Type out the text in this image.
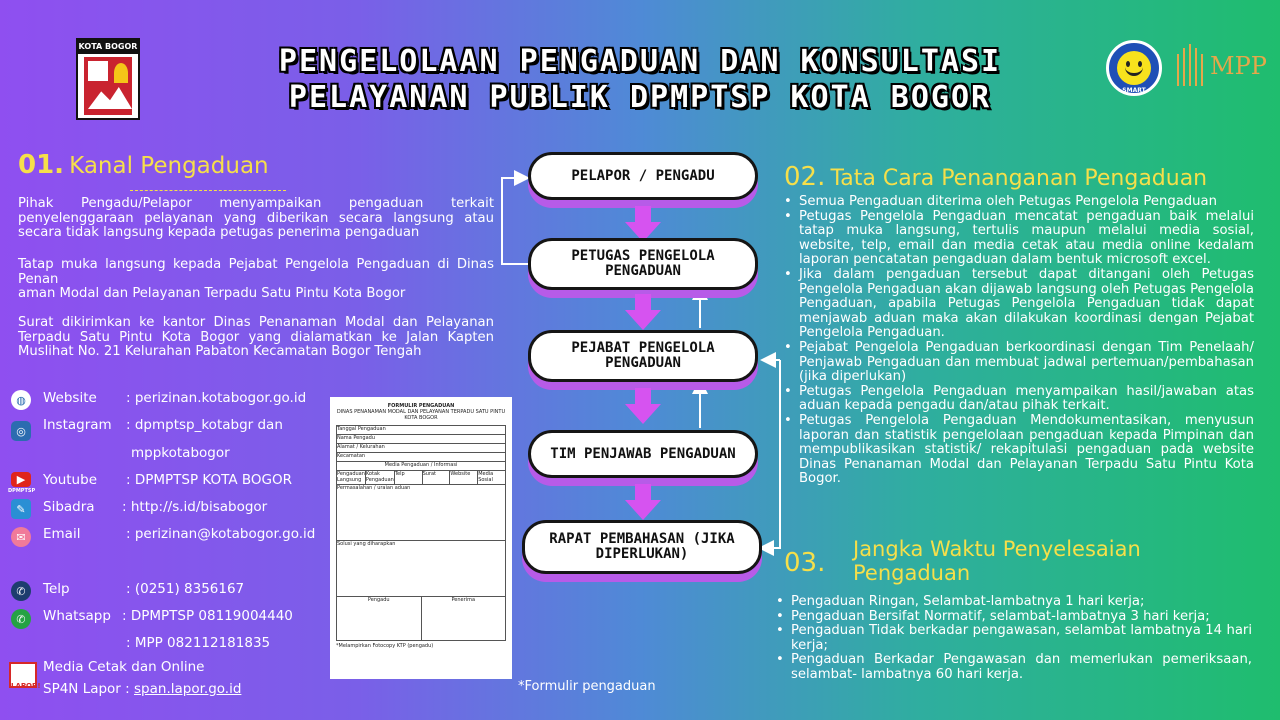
KOTA BOGOR	PENGELOLAAN PENGADUAN DAN KONSULTASI
PELAYANAN PUBLIK DPMPTSP KOTA BOGOR	SMART
MPP
01. Kanal Pengaduan
Pihak Pengadu/Pelapor menyampaikan pengaduan terkait penyelenggaraan pelayanan yang diberikan secara langsung atau secara tidak langsung kepada petugas penerima pengaduan
Tatap muka langsung kepada Pejabat Pengelola Pengaduan di Dinas Penan
aman Modal dan Pelayanan Terpadu Satu Pintu Kota Bogor
Surat dikirimkan ke kantor Dinas Penanaman Modal dan Pelayanan Terpadu Satu Pintu Kota Bogor yang dialamatkan ke Jalan Kapten Muslihat No. 21 Kelurahan Pabaton Kecamatan Bogor Tengah
◍	Website : perizinan.kotabogor.go.id
◎	Instagram : dpmptsp_kotabgr dan
mppkotabogor
▶
DPMPTSP
Youtube : DPMPTSP KOTA BOGOR
✎	Sibadra : http://s.id/bisabogor
✉	Email	: perizinan@kotabogor.go.id
✆	Telp	: (0251) 8356167
✆	Whatsapp : DPMPTSP 08119004440
: MPP 082112181835
LAPOR!
Media Cetak dan Online
SP4N Lapor : span.lapor.go.id
FORMULIR PENGADUAN
DINAS PENANAMAN MODAL DAN PELAYANAN TERPADU SATU PINTU
KOTA BOGOR
Tanggal Pengaduan
Nama Pengadu
Alamat / Kelurahan
Kecamatan
Media Pengaduan / Informasi
Pengaduan Langsung
Kotak Pengaduan
Telp	Surat	Website	Media Sosial
Permasalahan / uraian aduan
Solusi yang diharapkan
Pengadu	Penerima
*Melampirkan Fotocopy KTP (pengadu)
*Formulir pengaduan
PELAPOR / PENGADU
PETUGAS PENGELOLA PENGADUAN
PEJABAT PENGELOLA PENGADUAN
TIM PENJAWAB PENGADUAN
RAPAT PEMBAHASAN (JIKA DIPERLUKAN)
02. Tata Cara Penanganan Pengaduan
• Semua Pengaduan diterima oleh Petugas Pengelola Pengaduan
• Petugas Pengelola Pengaduan mencatat pengaduan baik melalui tatap muka langsung, tertulis maupun melalui media sosial, website, telp, email dan media cetak atau media online kedalam laporan pencatatan pengaduan dalam bentuk microsoft excel.
• Jika dalam pengaduan tersebut dapat ditangani oleh Petugas Pengelola Pengaduan akan dijawab langsung oleh Petugas Pengelola Pengaduan, apabila Petugas Pengelola Pengaduan tidak dapat menjawab aduan maka akan dilakukan koordinasi dengan Pejabat Pengelola Pengaduan.
• Pejabat Pengelola Pengaduan berkoordinasi dengan Tim Penelaah/ Penjawab Pengaduan dan membuat jadwal pertemuan/pembahasan (jika diperlukan)
• Petugas Pengelola Pengaduan menyampaikan hasil/jawaban atas aduan kepada pengadu dan/atau pihak terkait.
• Petugas Pengelola Pengaduan Mendokumentasikan, menyusun laporan dan statistik pengelolaan pengaduan kepada Pimpinan dan mempublikasikan statistik/ rekapitulasi pengaduan pada website Dinas Penanaman Modal dan Pelayanan Terpadu Satu Pintu Kota Bogor.
03. Jangka Waktu Penyelesaian
Pengaduan
• Pengaduan Ringan, Selambat-lambatnya 1 hari kerja;
• Pengaduan Bersifat Normatif, selambat-lambatnya 3 hari kerja;
• Pengaduan Tidak berkadar pengawasan, selambat lambatnya 14 hari kerja;
• Pengaduan Berkadar Pengawasan dan memerlukan pemeriksaan, selambat- lambatnya 60 hari kerja.
